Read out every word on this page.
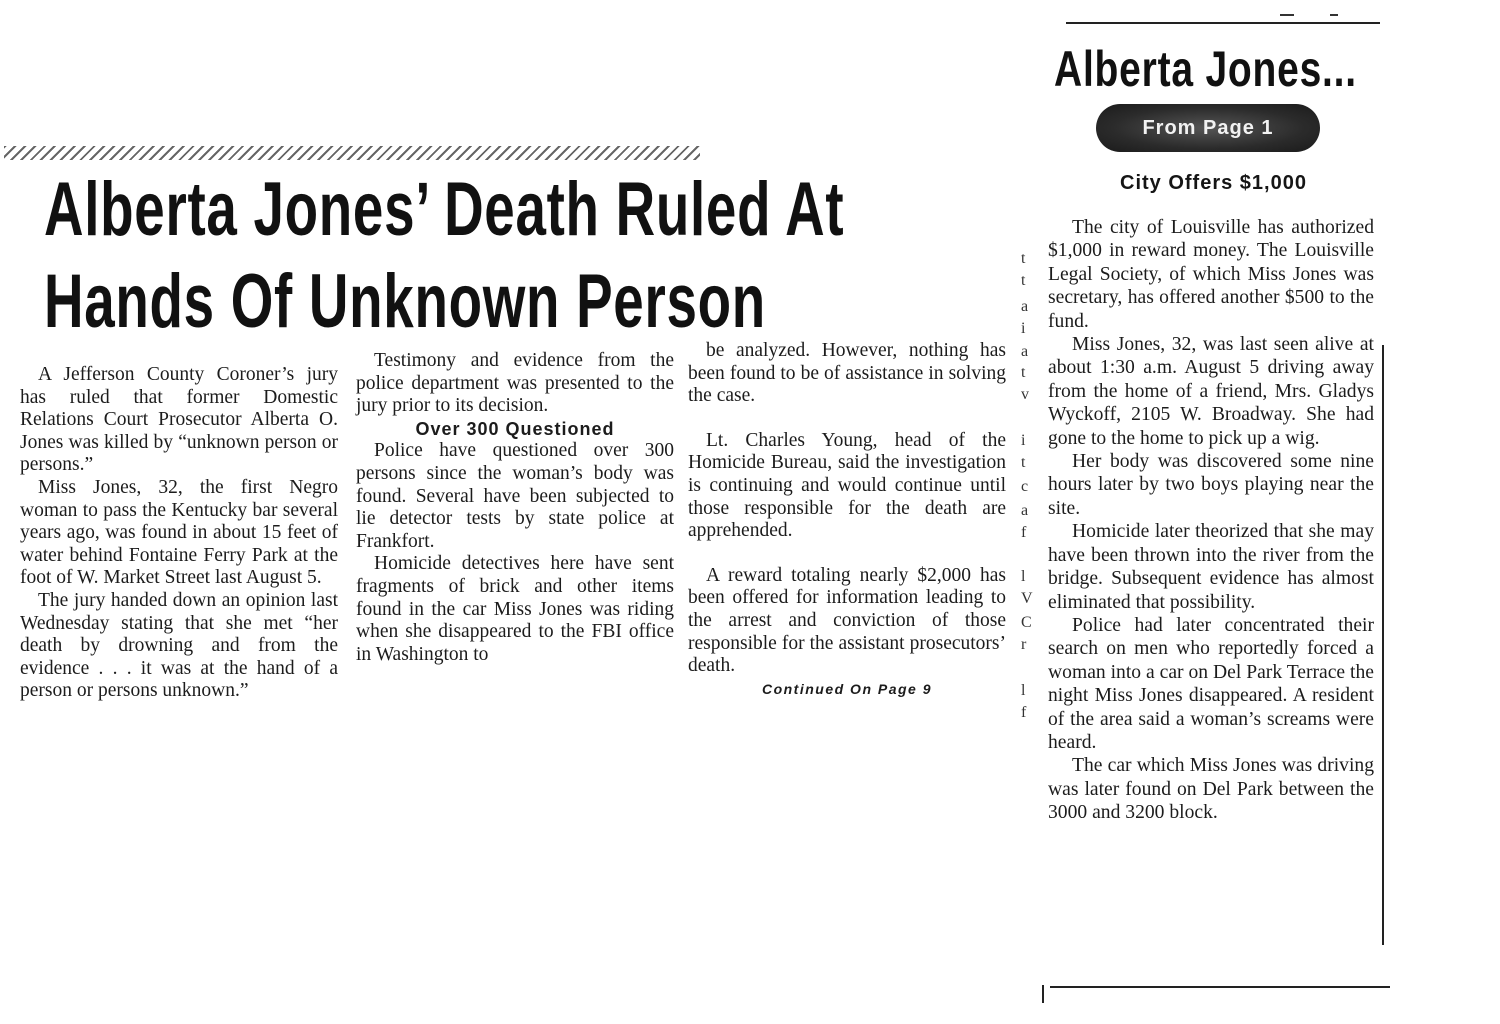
Alberta Jones’ Death Ruled At
Hands Of Unknown Person

A Jefferson County Coroner’s jury has ruled that former Domestic Relations Court Prosecutor Alberta O. Jones was killed by “unknown person or persons.”

Miss Jones, 32, the first Negro woman to pass the Kentucky bar several years ago, was found in about 15 feet of water behind Fontaine Ferry Park at the foot of W. Market Street last August 5.

The jury handed down an opinion last Wednesday stating that she met “her death by drowning and from the evidence . . . it was at the hand of a person or persons unknown.”

Testimony and evidence from the police department was presented to the jury prior to its decision.

Over 300 Questioned

Police have questioned over 300 persons since the woman’s body was found. Several have been subjected to lie detector tests by state police at Frankfort.

Homicide detectives here have sent fragments of brick and other items found in the car Miss Jones was riding when she disappeared to the FBI office in Washington to

be analyzed. However, nothing has been found to be of assistance in solving the case.

Lt. Charles Young, head of the Homicide Bureau, said the investigation is continuing and would continue until those responsible for the death are apprehended.

A reward totaling nearly $2,000 has been offered for information leading to the arrest and conviction of those responsible for the assistant prosecutors’ death.

Continued On Page 9

t
t
a
i
a
t
v
i
t
c
a
f
l
V
C
r
l
f
Alberta Jones...
From Page 1
City Offers $1,000

The city of Louisville has authorized $1,000 in reward money. The Louisville Legal Society, of which Miss Jones was secretary, has offered another $500 to the fund.

Miss Jones, 32, was last seen alive at about 1:30 a.m. August 5 driving away from the home of a friend, Mrs. Gladys Wyckoff, 2105 W. Broadway. She had gone to the home to pick up a wig.

Her body was discovered some nine hours later by two boys playing near the site.

Homicide later theorized that she may have been thrown into the river from the bridge. Subsequent evidence has almost eliminated that possibility.

Police had later concentrated their search on men who reportedly forced a woman into a car on Del Park Terrace the night Miss Jones disappeared. A resident of the area said a woman’s screams were heard.

The car which Miss Jones was driving was later found on Del Park between the 3000 and 3200 block.
